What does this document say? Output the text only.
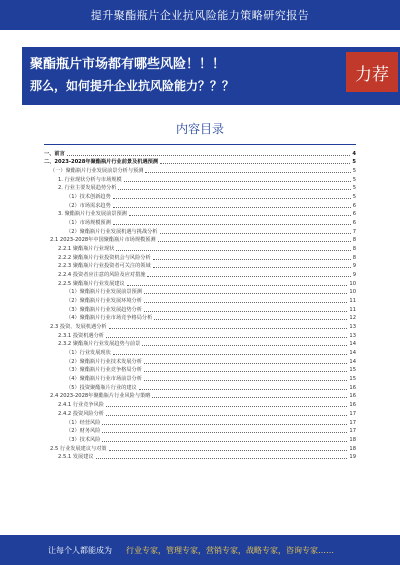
提升聚酯瓶片企业抗风险能力策略研究报告
聚酯瓶片市场都有哪些风险！！！
那么，如何提升企业抗风险能力？？？
力荐
内容目录
一、前言	4
二、2023-2028年聚酯瓶片行业前景及机遇预测	5
（一）聚酯瓶片行业发展前景分析与预测	5
1. 行业现状分析与市场规模	5
2. 行业主要发展趋势分析	5
（1）技术创新趋势	5
（2）市场需求趋势	6
3. 聚酯瓶片行业发展前景预测	6
（1）市场规模预测	6
（2）聚酯瓶片行业发展机遇与挑战分析	7
2.1 2023-2028年中国聚酯瓶片市场规模预测	8
2.2.1 聚酯瓶片行业现状	8
2.2.2 聚酯瓶片行业投资机会与风险分析	8
2.2.3 聚酯瓶片行业投资者可关注的领域	9
2.2.4 投资者应注意的风险及应对措施	9
2.2.5 聚酯瓶片行业发展建议	10
（1）聚酯瓶片行业发展前景预测	10
（2）聚酯瓶片行业发展环境分析	11
（3）聚酯瓶片行业发展趋势分析	11
（4）聚酯瓶片行业市场竞争格局分析	12
2.3 投资、发展机遇分析	13
2.3.1 投资机遇分析	13
2.3.2 聚酯瓶片行业发展趋势与前景	14
（1）行业发展现状	14
（2）聚酯瓶片行业技术发展分析	14
（3）聚酯瓶片行业竞争格局分析	15
（4）聚酯瓶片行业市场前景分析	15
（5）投资聚酯瓶片行业的建议	16
2.4 2023-2028年聚酯瓶片行业风险与策略	16
2.4.1 行业竞争风险	16
2.4.2 投资风险分析	17
（1）经营风险	17
（2）财务风险	17
（3）技术风险	18
2.5 行业发展建议与对策	18
2.5.1 发展建议	19
让每个人都能成为 行业专家，管理专家，营销专家，战略专家，咨询专家……
